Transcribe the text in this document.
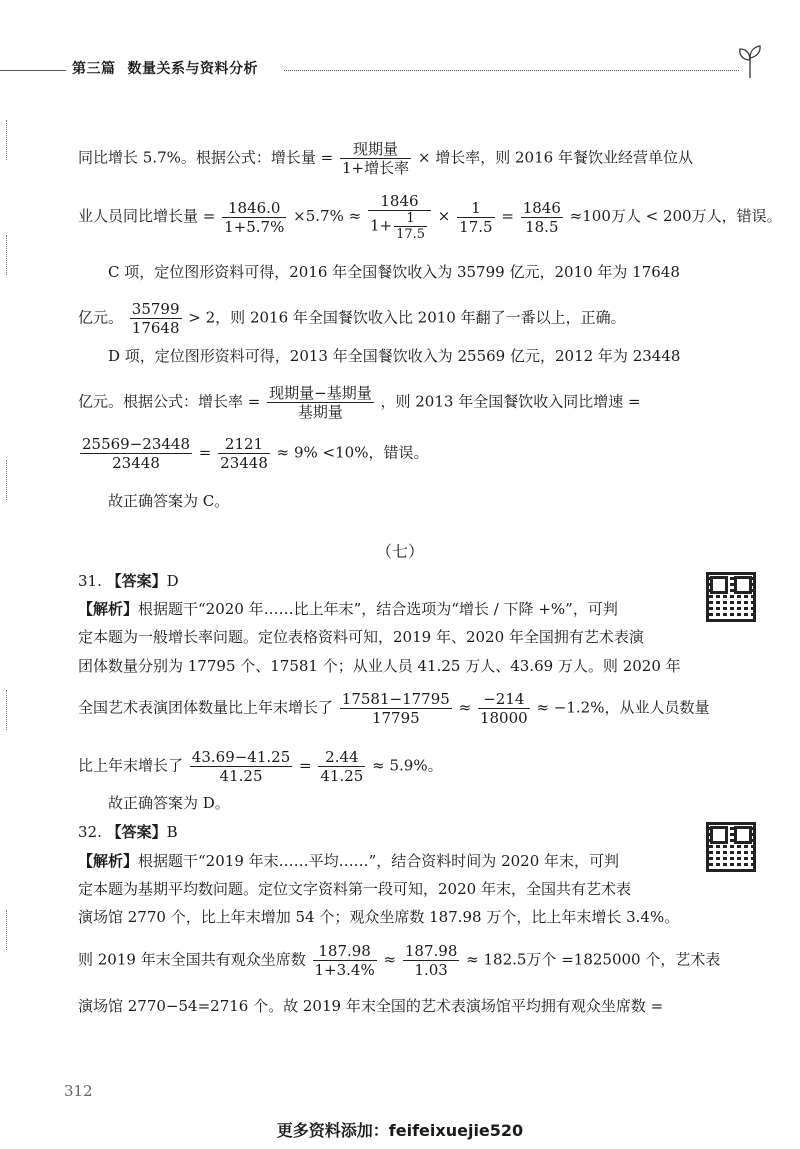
第三篇 数量关系与资料分析
同比增长 5.7%。根据公式：增长量 = $\frac{\text{现期量}}{\text{1+增长率}}$ × 增长率，则 2016 年餐饮业经营单位从
业人员同比增长量 = $\frac{1846.0}{1+5.7\%} \times 5.7\% \approx \frac{1846}{1+ \frac{1}{17.5}} \times \frac{1}{17.5} = \frac{1846}{18.5} \approx 100$万人 < 200万人，错误。
C 项，定位图形资料可得，2016 年全国餐饮收入为 35799 亿元，2010 年为 17648
亿元。 $\frac{35799}{17648} > 2$，则 2016 年全国餐饮收入比 2010 年翻了一番以上，正确。
D 项，定位图形资料可得，2013 年全国餐饮收入为 25569 亿元，2012 年为 23448
亿元。根据公式：增长率 = $\frac{\text{现期量−基期量}}{\text{基期量}}$ ，则 2013 年全国餐饮收入同比增速 =
$\frac{25569-23448}{23448} = \frac{2121}{23448} \approx 9\% <10\%$，错误。
故正确答案为 C。
（七）
31. 【答案】D
【解析】根据题干“2020 年……比上年末”，结合选项为“增长 / 下降 +%”，可判
定本题为一般增长率问题。定位表格资料可知，2019 年、2020 年全国拥有艺术表演
团体数量分别为 17795 个、17581 个；从业人员 41.25 万人、43.69 万人。则 2020 年
全国艺术表演团体数量比上年末增长了 $\frac{17581-17795}{17795} \approx \frac{-214}{18000} \approx -1.2\%$，从业人员数量
比上年末增长了 $\frac{43.69-41.25}{41.25} = \frac{2.44}{41.25} \approx 5.9\%$。
故正确答案为 D。
32. 【答案】B
【解析】根据题干“2019 年末……平均……”，结合资料时间为 2020 年末，可判
定本题为基期平均数问题。定位文字资料第一段可知，2020 年末，全国共有艺术表
演场馆 2770 个，比上年末增加 54 个；观众坐席数 187.98 万个，比上年末增长 3.4%。
则 2019 年末全国共有观众坐席数 $\frac{187.98}{1+3.4\%} \approx \frac{187.98}{1.03} \approx 182.5$万个 =1825000 个，艺术表
演场馆 2770−54=2716 个。故 2019 年末全国的艺术表演场馆平均拥有观众坐席数 =
312
更多资料添加：feifeixuejie520
